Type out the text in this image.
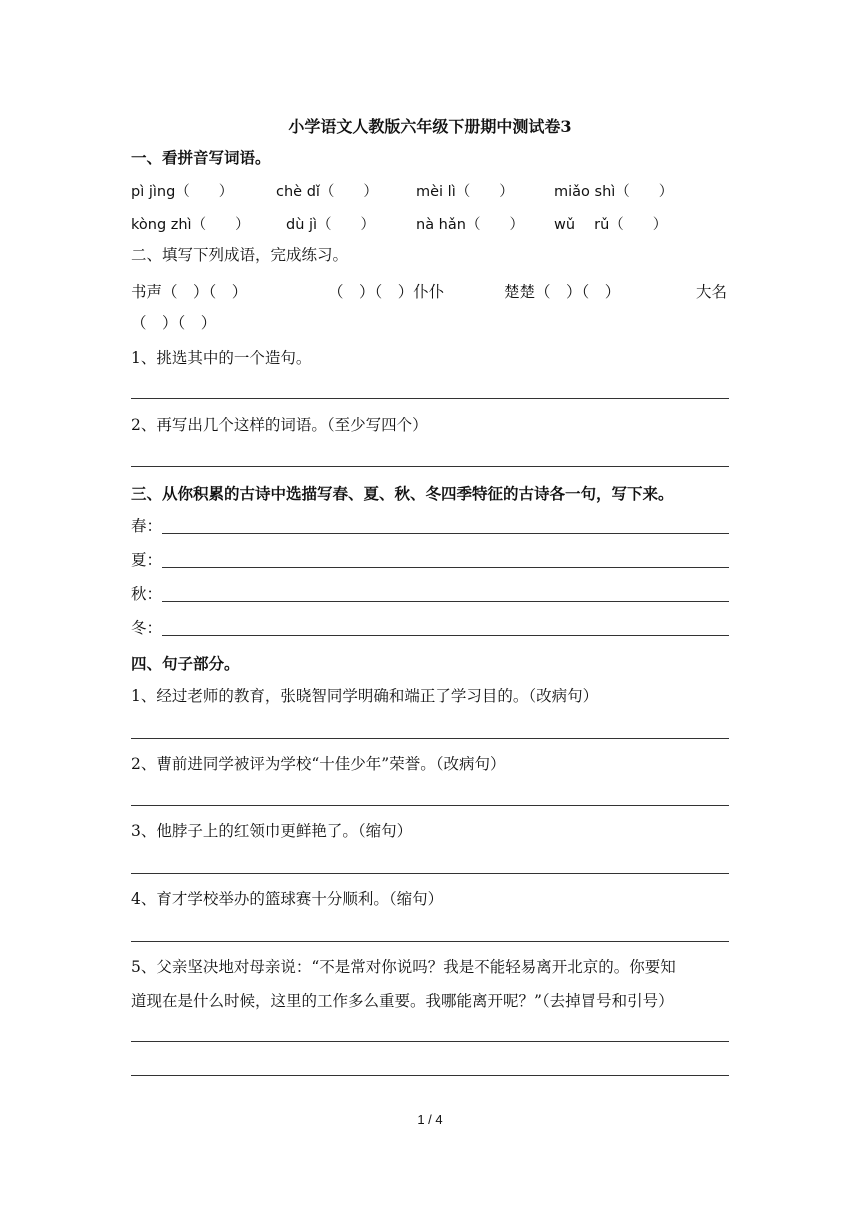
小学语文人教版六年级下册期中测试卷3
一、看拼音写词语。
pì jìng（　　）	chè dǐ（　　）	mèi lì（　　）	miǎo shì（　　）
kòng zhì（　　）	dù jì（　　）	nà hǎn（　　） wǔ　 rǔ（　　）
二、填写下列成语，完成练习。
书声（　）（　）	（　）（　）仆仆	楚楚（　）（　）	大名
（　）（　）
1、挑选其中的一个造句。
2、再写出几个这样的词语。（至少写四个）
三、从你积累的古诗中选描写春、夏、秋、冬四季特征的古诗各一句，写下来。
春：
夏：
秋：
冬：
四、句子部分。
1、经过老师的教育，张晓智同学明确和端正了学习目的。（改病句）
2、曹前进同学被评为学校“十佳少年”荣誉。（改病句）
3、他脖子上的红领巾更鲜艳了。（缩句）
4、育才学校举办的篮球赛十分顺利。（缩句）
5、父亲坚决地对母亲说：“不是常对你说吗？我是不能轻易离开北京的。你要知
道现在是什么时候，这里的工作多么重要。我哪能离开呢？”（去掉冒号和引号）
1 / 4
